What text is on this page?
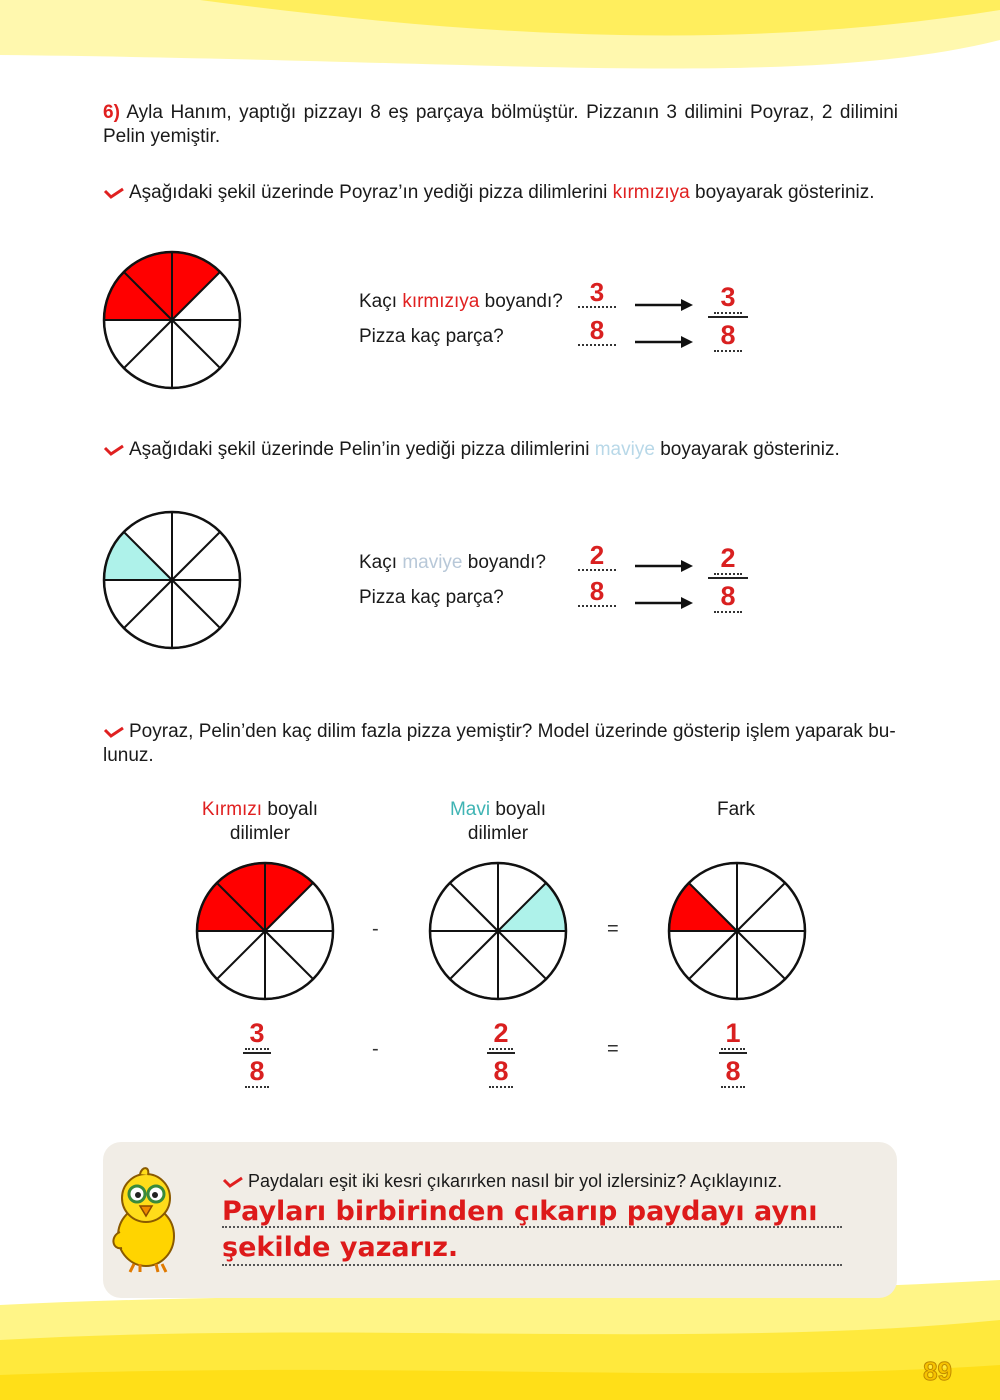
6) Ayla Hanım, yaptığı pizzayı 8 eş parçaya bölmüştür. Pizzanın 3 dilimini Poyraz, 2 dilimini Pelin yemiştir.
Aşağıdaki şekil üzerinde Poyraz’ın yediği pizza dilimlerini kırmızıya boyayarak gösteriniz.
Kaçı kırmızıya boyandı?
Pizza kaç parça?
3
8	$\frac{3}{8}$
Aşağıdaki şekil üzerinde Pelin’in yediği pizza dilimlerini maviye boyayarak gösteriniz.
Kaçı maviye boyandı?
Pizza kaç parça?
2
8	$\frac{2}{8}$
Poyraz, Pelin’den kaç dilim fazla pizza yemiştir? Model üzerinde gösterip işlem yaparak bu- lunuz.
Kırmızı boyalı
dilimler
Mavi boyalı
dilimler
Fark
-	=
$\frac{3}{8}$	-	$\frac{2}{8}$	=	$\frac{1}{8}$
Paydaları eşit iki kesri çıkarırken nasıl bir yol izlersiniz? Açıklayınız.
Payları birbirinden çıkarıp paydayı aynı
şekilde yazarız.
89
